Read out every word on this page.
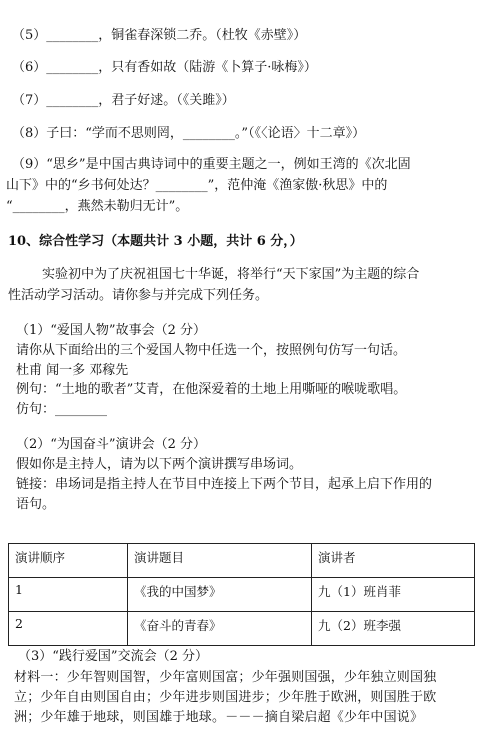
（5）________，铜雀春深锁二乔。（杜牧《赤壁》）
（6）________，只有香如故（陆游《卜算子·咏梅》）
（7）________，君子好逑。（《关雎》）
（8）子曰：“学而不思则罔，________。”（《〈论语〉十二章》）
（9）“思乡”是中国古典诗词中的重要主题之一，例如王湾的《次北固
山下》中的“乡书何处达？________”，范仲淹《渔家傲·秋思》中的
“________，燕然未勒归无计”。
10、综合性学习（本题共计 3 小题，共计 6 分，）
实验初中为了庆祝祖国七十华诞，将举行“天下家国”为主题的综合
性活动学习活动。请你参与并完成下列任务。
（1）“爱国人物”故事会（2 分）
请你从下面给出的三个爱国人物中任选一个，按照例句仿写一句话。
杜甫 闻一多 邓稼先
例句：“土地的歌者”艾青，在他深爱着的土地上用嘶哑的喉咙歌唱。
仿句：________
（2）“为国奋斗”演讲会（2 分）
假如你是主持人，请为以下两个演讲撰写串场词。
链接：串场词是指主持人在节目中连接上下两个节目，起承上启下作用的
语句。
演讲顺序	演讲题目	演讲者
1	《我的中国梦》	九（1）班肖菲
2	《奋斗的青春》	九（2）班李强
（3）“践行爱国”交流会（2 分）
材料一：少年智则国智，少年富则国富；少年强则国强，少年独立则国独
立；少年自由则国自由；少年进步则国进步；少年胜于欧洲，则国胜于欧
洲；少年雄于地球，则国雄于地球。－－－摘自梁启超《少年中国说》
